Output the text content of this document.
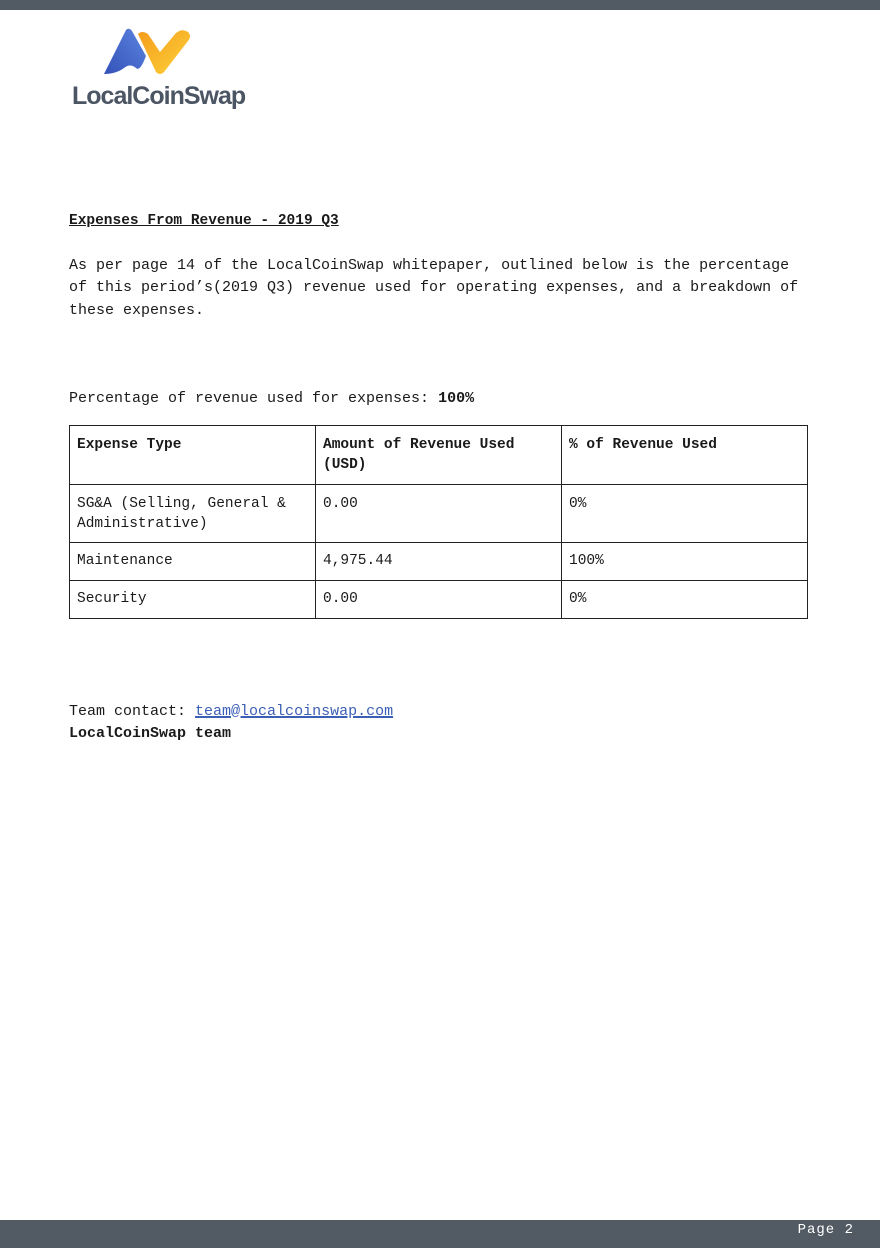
LocalCoinSwap

Expenses From Revenue - 2019 Q3

As per page 14 of the LocalCoinSwap whitepaper, outlined below is the percentage of this period’s(2019 Q3) revenue used for operating expenses, and a breakdown of these expenses.

Percentage of revenue used for expenses: 100%

Expense Type	Amount of Revenue Used (USD)	% of Revenue Used
SG&A (Selling, General & Administrative)	0.00	0%
Maintenance	4,975.44	100%
Security	0.00	0%
Team contact: team@localcoinswap.com
LocalCoinSwap team
Page 2
